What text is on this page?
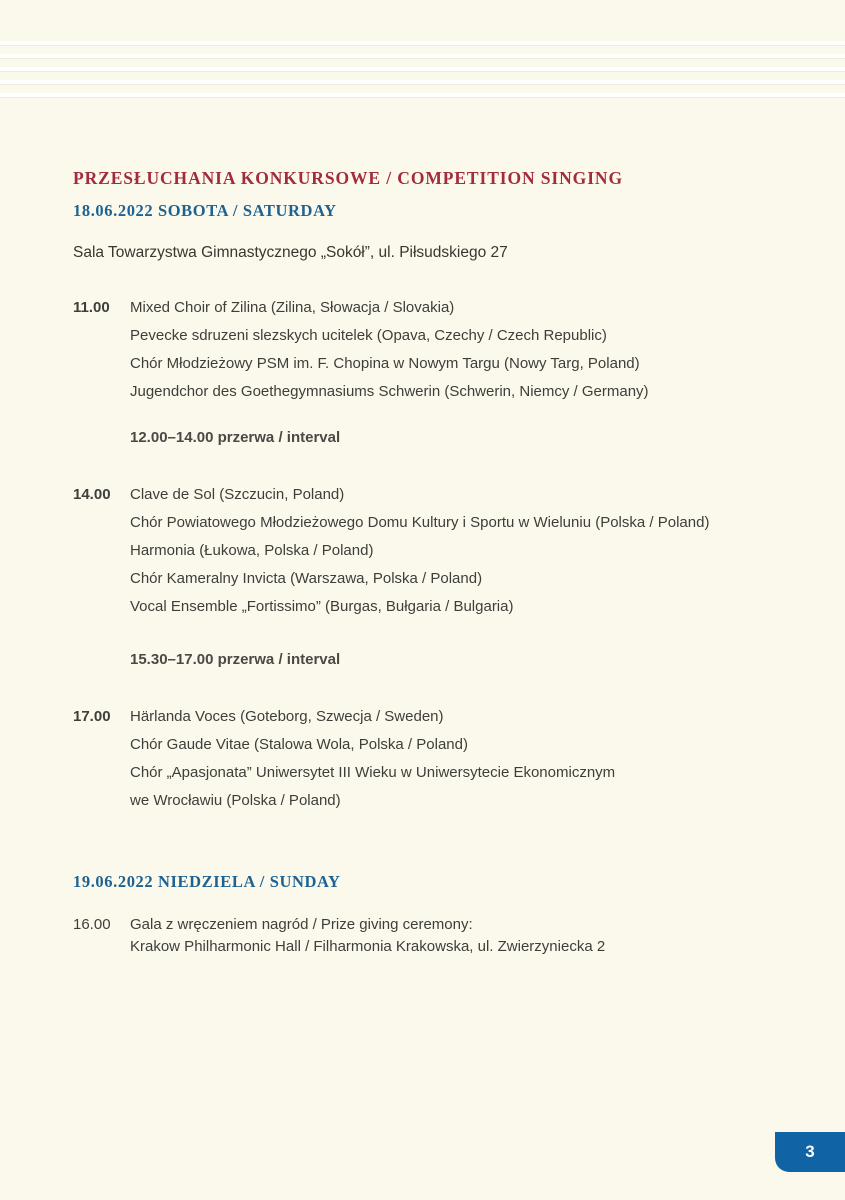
PRZESŁUCHANIA KONKURSOWE / COMPETITION SINGING
18.06.2022 SOBOTA / SATURDAY

Sala Towarzystwa Gimnastycznego „Sokół”, ul. Piłsudskiego 27

11.00	Mixed Choir of Zilina (Zilina, Słowacja / Slovakia)

Pevecke sdruzeni slezskych ucitelek (Opava, Czechy / Czech Republic)

Chór Młodzieżowy PSM im. F. Chopina w Nowym Targu (Nowy Targ, Poland)

Jugendchor des Goethegymnasiums Schwerin (Schwerin, Niemcy / Germany)

12.00–14.00 przerwa / interval

14.00	Clave de Sol (Szczucin, Poland)

Chór Powiatowego Młodzieżowego Domu Kultury i Sportu w Wieluniu (Polska / Poland)

Harmonia (Łukowa, Polska / Poland)

Chór Kameralny Invicta (Warszawa, Polska / Poland)

Vocal Ensemble „Fortissimo” (Burgas, Bułgaria / Bulgaria)

15.30–17.00 przerwa / interval

17.00	Härlanda Voces (Goteborg, Szwecja / Sweden)

Chór Gaude Vitae (Stalowa Wola, Polska / Poland)

Chór „Apasjonata” Uniwersytet III Wieku w Uniwersytecie Ekonomicznym

we Wrocławiu (Polska / Poland)

19.06.2022 NIEDZIELA / SUNDAY
16.00	Gala z wręczeniem nagród / Prize giving ceremony:

Krakow Philharmonic Hall / Filharmonia Krakowska, ul. Zwierzyniecka 2

3
